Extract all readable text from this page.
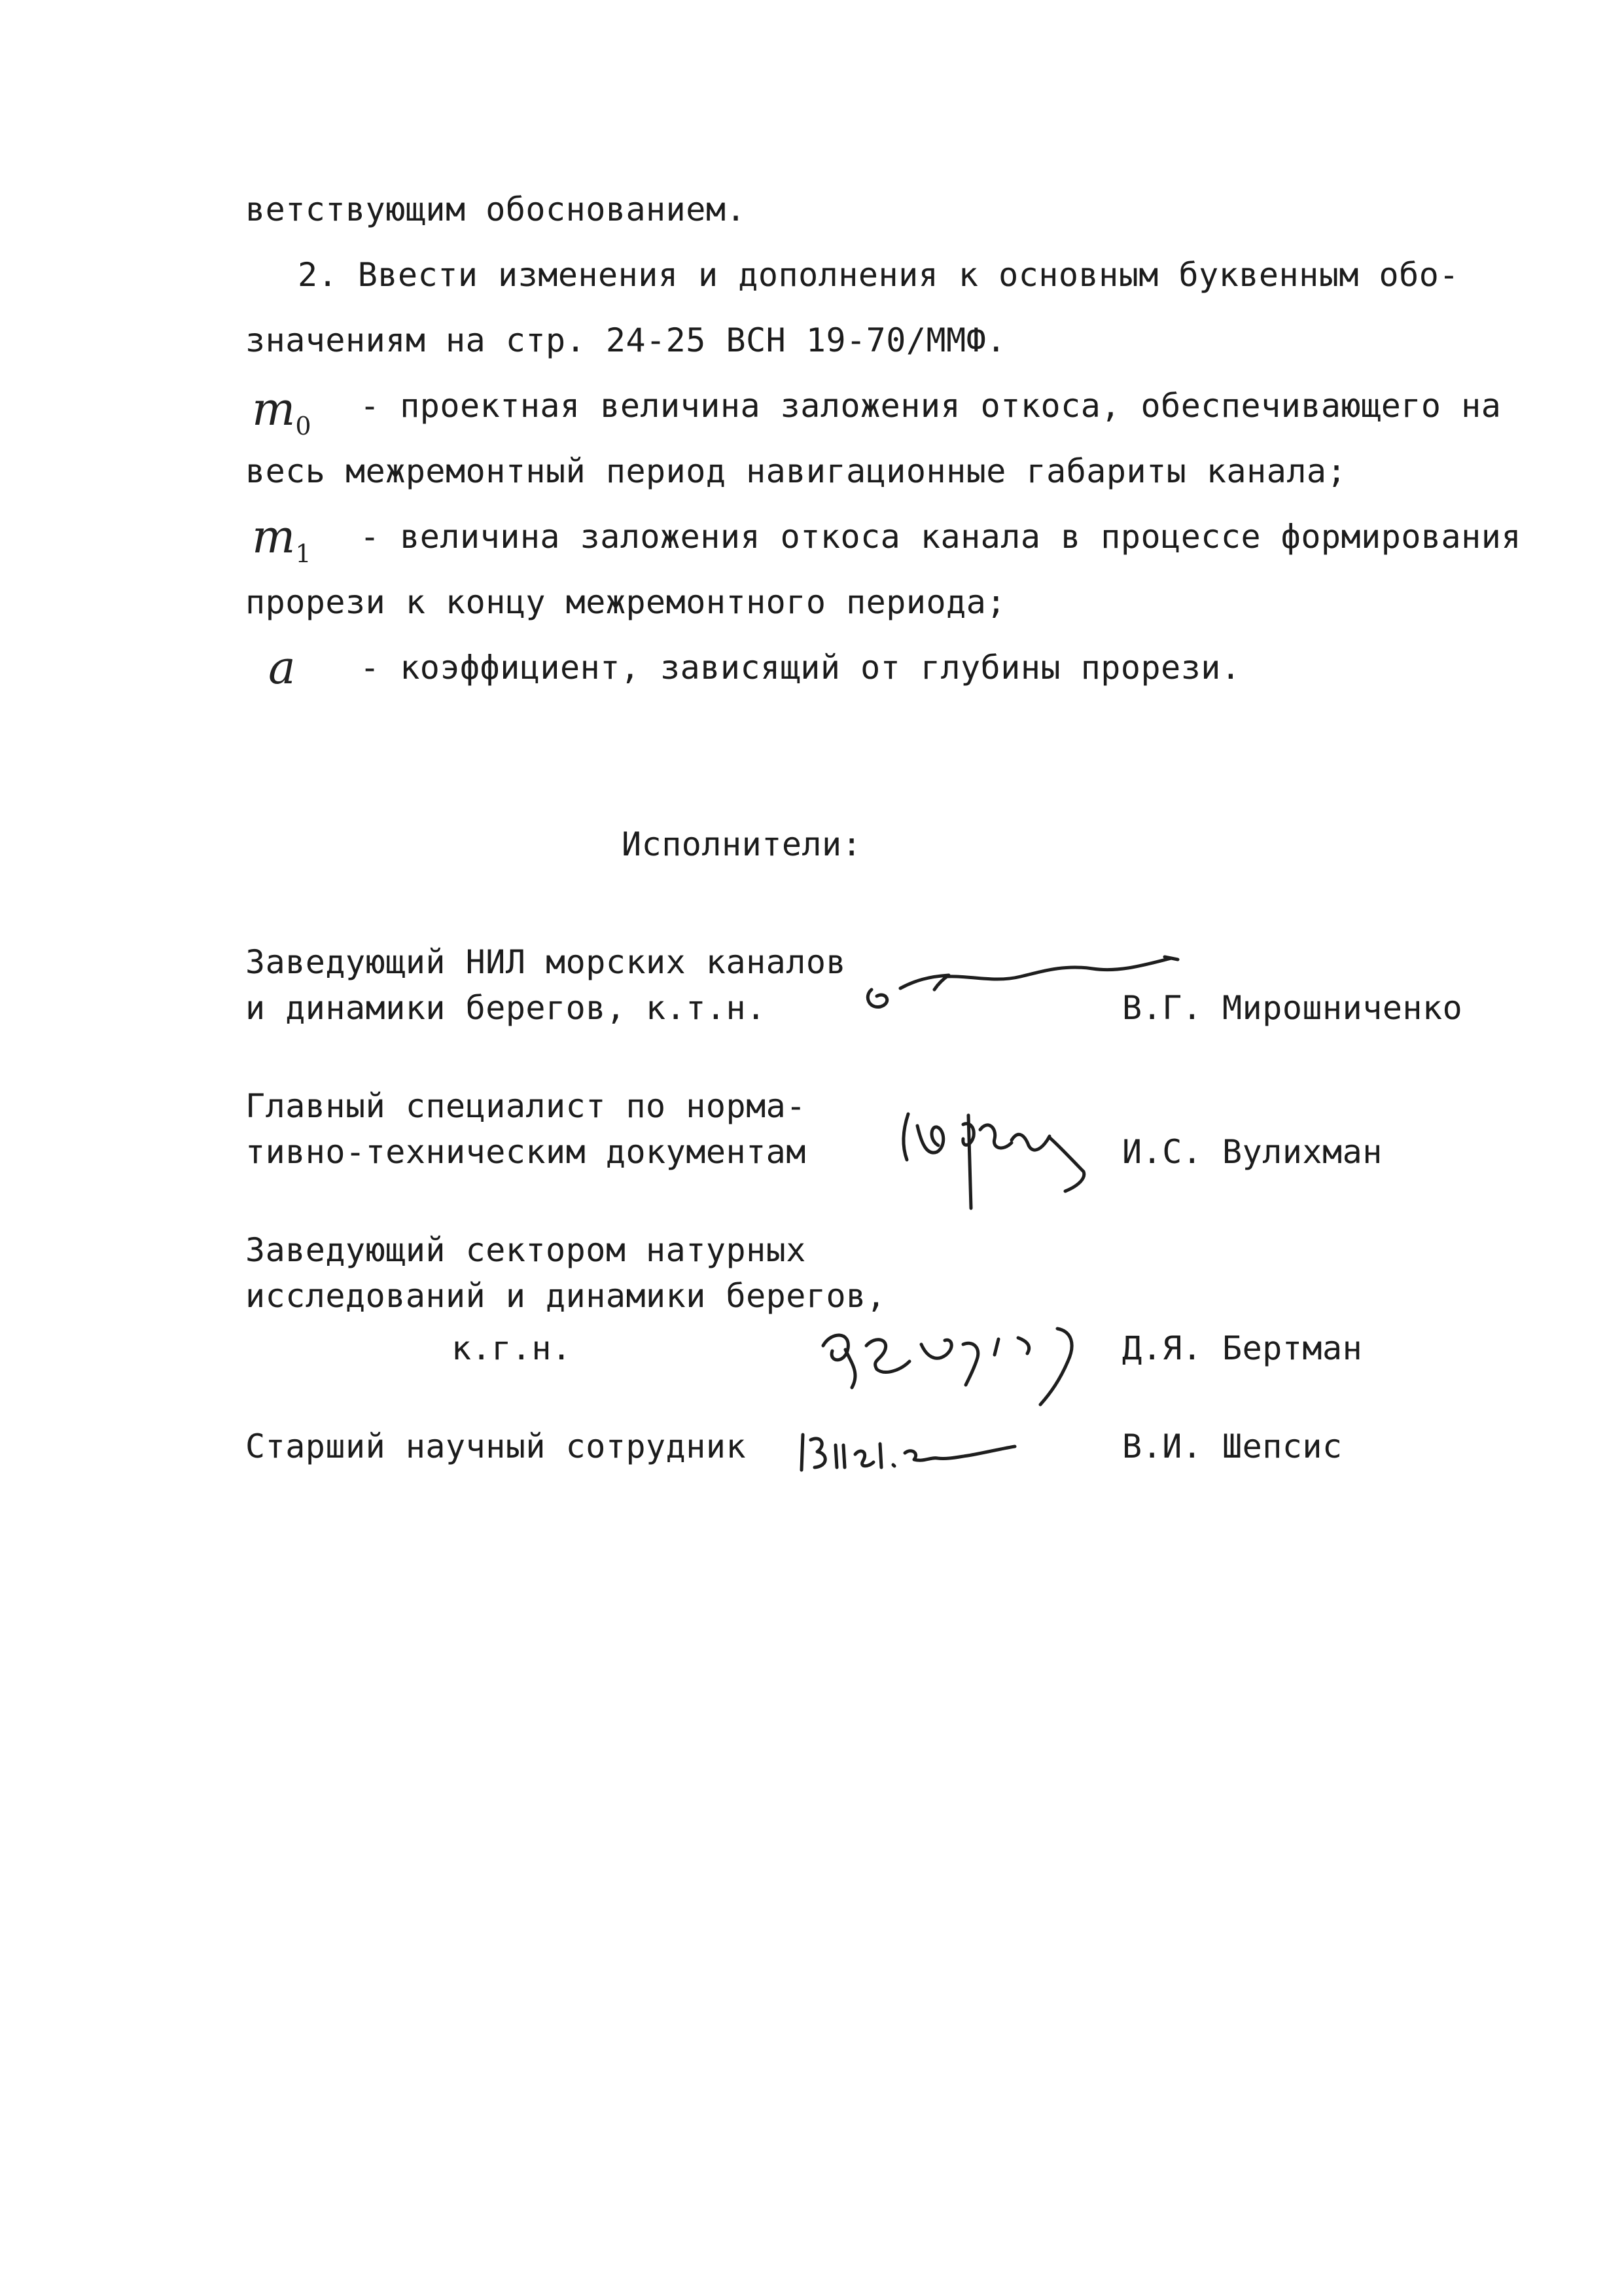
ветствующим обоснованием.
2. Ввести изменения и дополнения к основным буквенным обо-
значениям на стр. 24-25 ВСН 19-70/ММФ.
$m_0$
- проектная величина заложения откоса, обеспечивающего на
весь межремонтный период навигационные габариты канала;
$m_1$ - величина заложения откоса канала в процессе формирования
прорези к концу межремонтного периода;
a - коэффициент, зависящий от глубины прорези.
Исполнители:
Заведующий НИЛ морских каналов
и динамики берегов, к.т.н.	В.Г. Мирошниченко
Главный специалист по норма-
тивно-техническим документам	И.С. Вулихман
Заведующий сектором натурных
исследований и динамики берегов,
к.г.н.	Д.Я. Бертман
Старший научный сотрудник	В.И. Шепсис
